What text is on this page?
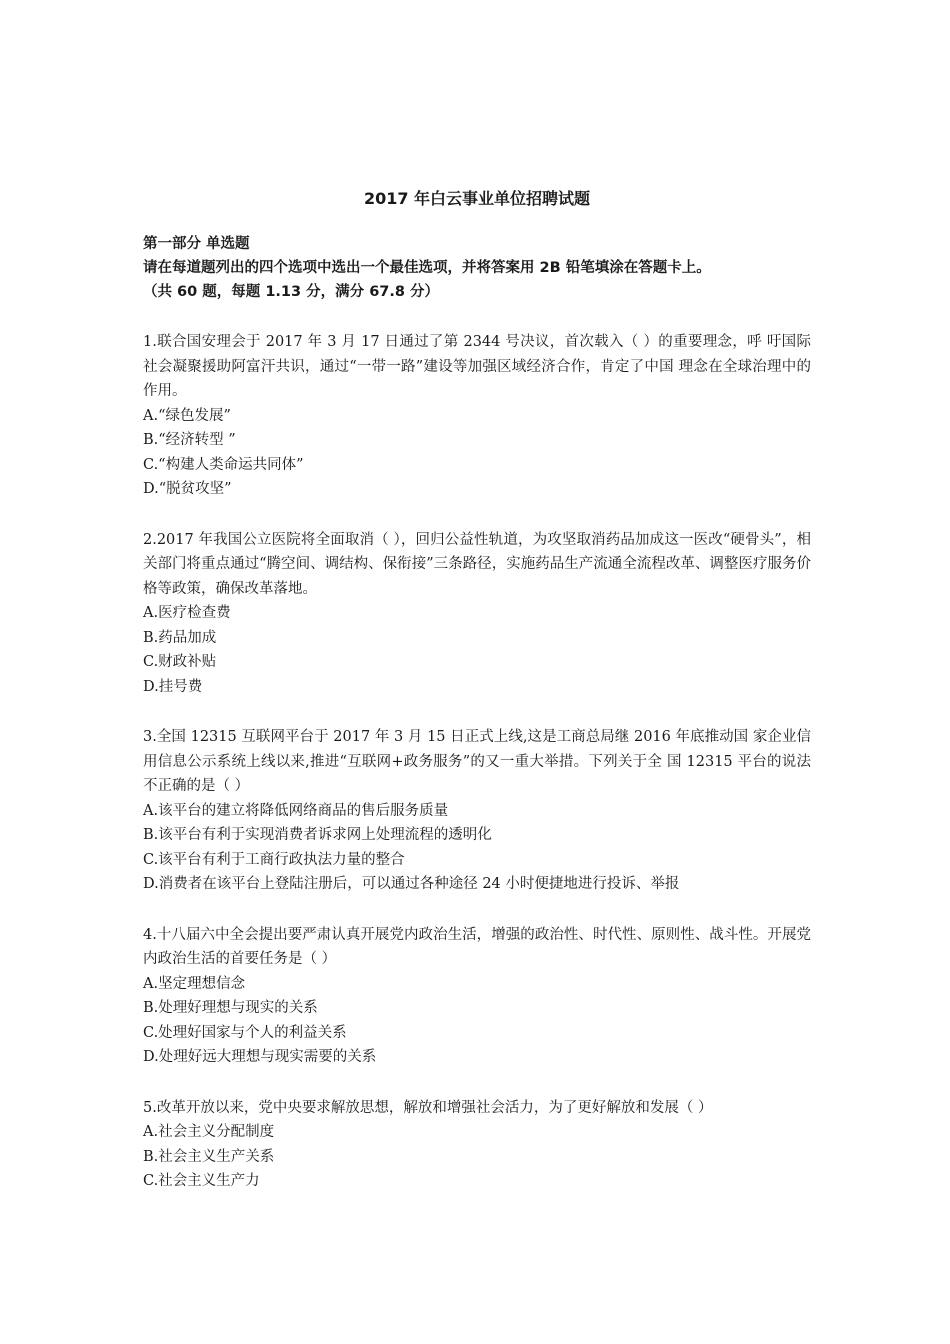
2017 年白云事业单位招聘试题
第一部分 单选题
请在每道题列出的四个选项中选出一个最佳选项，并将答案用 2B 铅笔填涂在答题卡上。
（共 60 题，每题 1.13 分，满分 67.8 分）

1.联合国安理会于 2017 年 3 月 17 日通过了第 2344 号决议，首次载入（ ）的重要理念，呼 吁国际社会凝聚援助阿富汗共识，通过“一带一路”建设等加强区域经济合作，肯定了中国 理念在全球治理中的作用。

A.“绿色发展”
B.“经济转型 ”
C.“构建人类命运共同体”
D.“脱贫攻坚”

2.2017 年我国公立医院将全面取消（ ），回归公益性轨道，为攻坚取消药品加成这一医改“硬骨头”，相关部门将重点通过“腾空间、调结构、保衔接”三条路径，实施药品生产流通全流程改革、调整医疗服务价格等政策，确保改革落地。

A.医疗检查费
B.药品加成
C.财政补贴
D.挂号费

3.全国 12315 互联网平台于 2017 年 3 月 15 日正式上线,这是工商总局继 2016 年底推动国 家企业信用信息公示系统上线以来,推进“互联网+政务服务”的又一重大举措。下列关于全 国 12315 平台的说法不正确的是（ ）

A.该平台的建立将降低网络商品的售后服务质量
B.该平台有利于实现消费者诉求网上处理流程的透明化
C.该平台有利于工商行政执法力量的整合
D.消费者在该平台上登陆注册后，可以通过各种途径 24 小时便捷地进行投诉、举报

4.十八届六中全会提出要严肃认真开展党内政治生活，增强的政治性、时代性、原则性、战斗性。开展党内政治生活的首要任务是（ ）

A.坚定理想信念
B.处理好理想与现实的关系
C.处理好国家与个人的利益关系
D.处理好远大理想与现实需要的关系

5.改革开放以来，党中央要求解放思想，解放和增强社会活力，为了更好解放和发展（ ）

A.社会主义分配制度
B.社会主义生产关系
C.社会主义生产力
